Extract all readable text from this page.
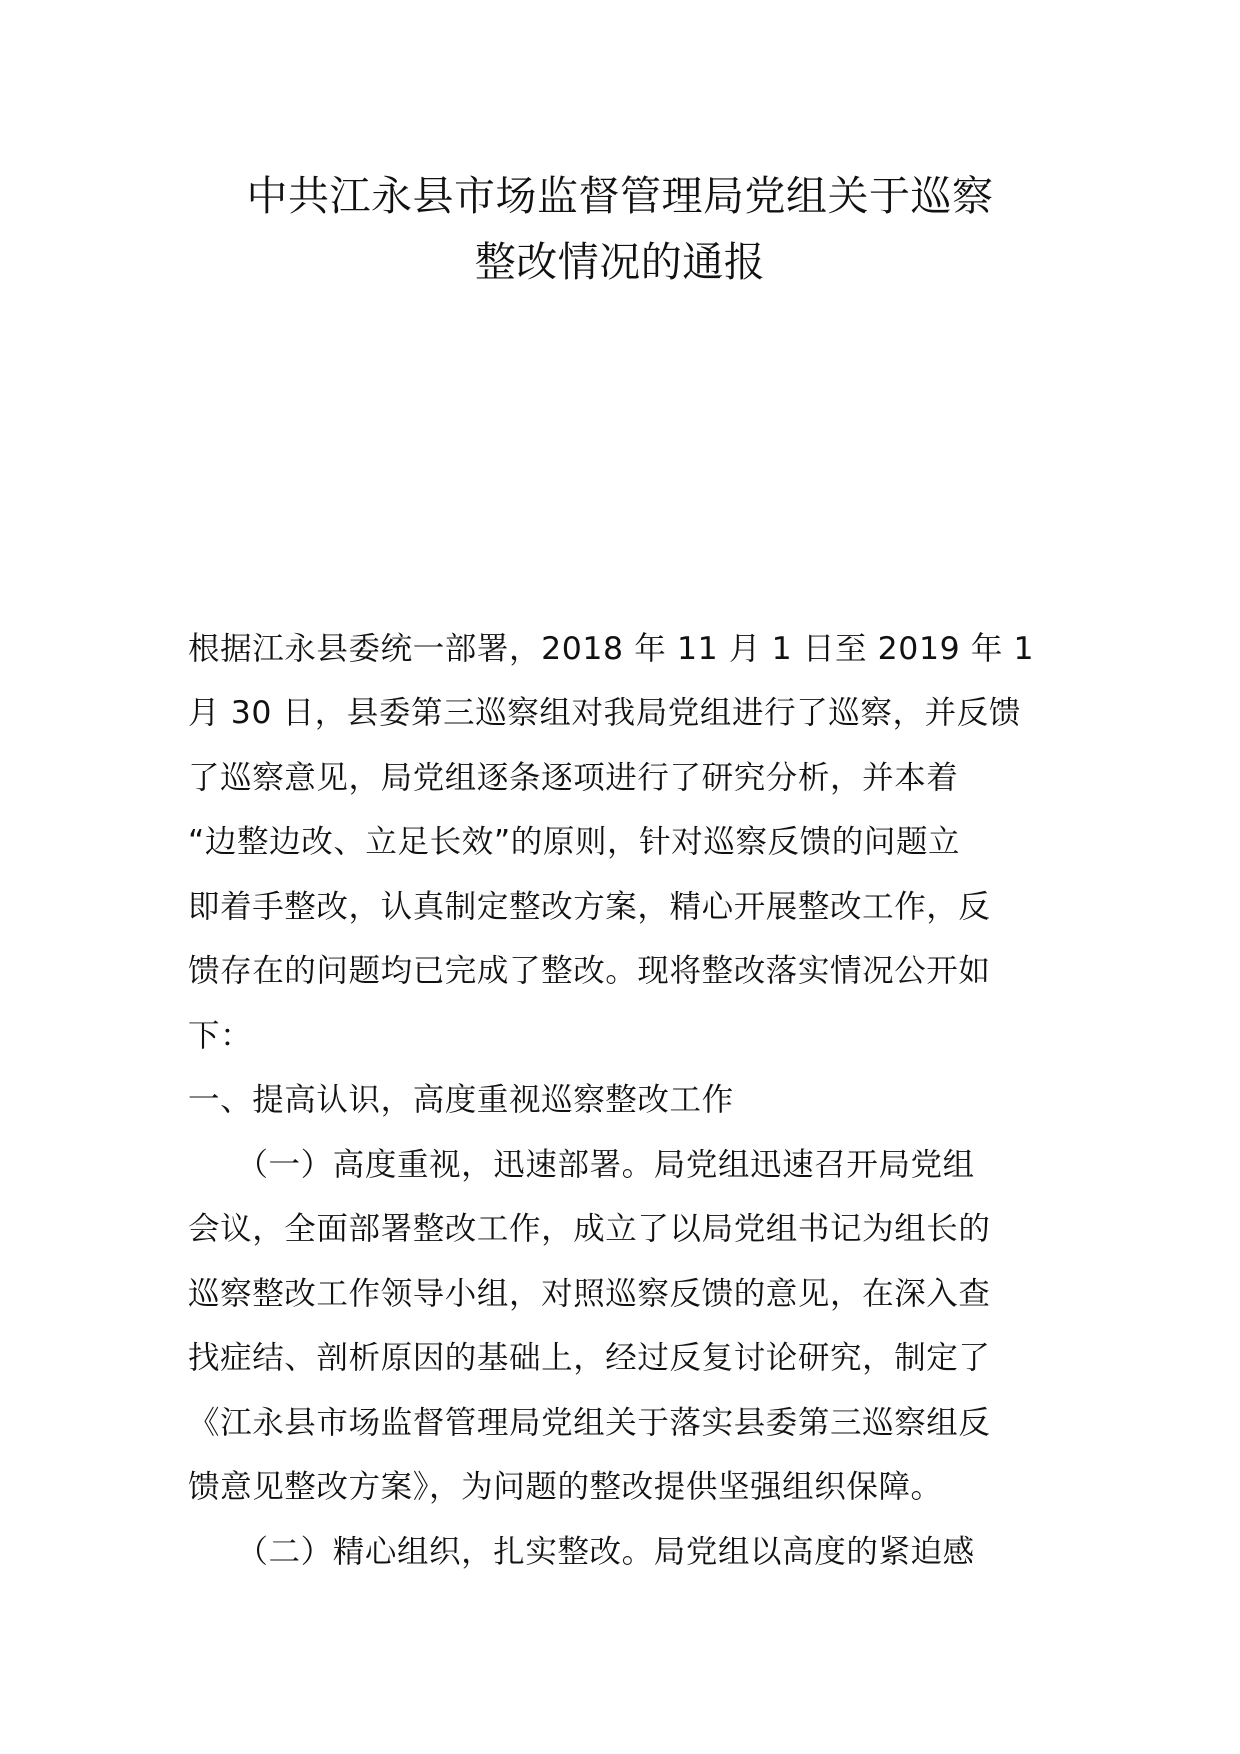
中共江永县市场监督管理局党组关于巡察
整改情况的通报

根据江永县委统一部署，2018 年 11 月 1 日至 2019 年 1

月 30 日，县委第三巡察组对我局党组进行了巡察，并反馈

了巡察意见，局党组逐条逐项进行了研究分析，并本着

“边整边改、立足长效”的原则，针对巡察反馈的问题立

即着手整改，认真制定整改方案，精心开展整改工作，反

馈存在的问题均已完成了整改。现将整改落实情况公开如

下：

一、提高认识，高度重视巡察整改工作

　　（一）高度重视，迅速部署。局党组迅速召开局党组

会议，全面部署整改工作，成立了以局党组书记为组长的

巡察整改工作领导小组，对照巡察反馈的意见，在深入查

找症结、剖析原因的基础上，经过反复讨论研究，制定了

《江永县市场监督管理局党组关于落实县委第三巡察组反

馈意见整改方案》，为问题的整改提供坚强组织保障。

　　（二）精心组织，扎实整改。局党组以高度的紧迫感
